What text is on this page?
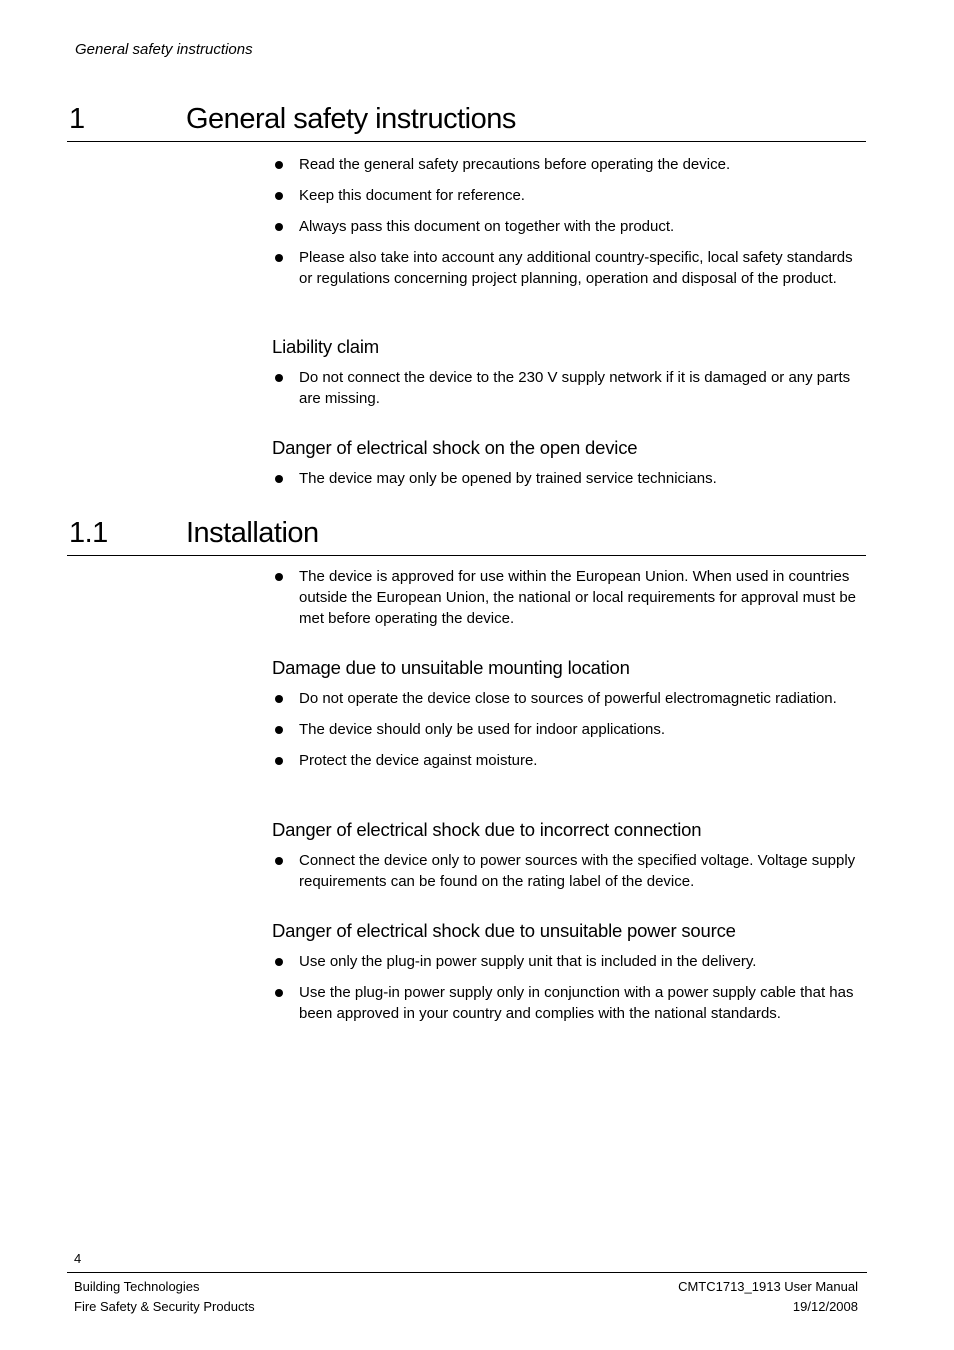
General safety instructions
1	General safety instructions
Read the general safety precautions before operating the device.
Keep this document for reference.
Always pass this document on together with the product.
Please also take into account any additional country-specific, local safety standards or regulations concerning project planning, operation and disposal of the product.
Liability claim
Do not connect the device to the 230 V supply network if it is damaged or any parts are missing.
Danger of electrical shock on the open device
The device may only be opened by trained service technicians.
1.1	Installation
The device is approved for use within the European Union. When used in countries outside the European Union, the national or local requirements for approval must be met before operating the device.
Damage due to unsuitable mounting location
Do not operate the device close to sources of powerful electromagnetic radiation.
The device should only be used for indoor applications.
Protect the device against moisture.
Danger of electrical shock due to incorrect connection
Connect the device only to power sources with the specified voltage. Voltage supply requirements can be found on the rating label of the device.
Danger of electrical shock due to unsuitable power source
Use only the plug-in power supply unit that is included in the delivery.
Use the plug-in power supply only in conjunction with a power supply cable that has been approved in your country and complies with the national standards.
4
Building Technologies
Fire Safety & Security Products
CMTC1713_1913 User Manual
19/12/2008
